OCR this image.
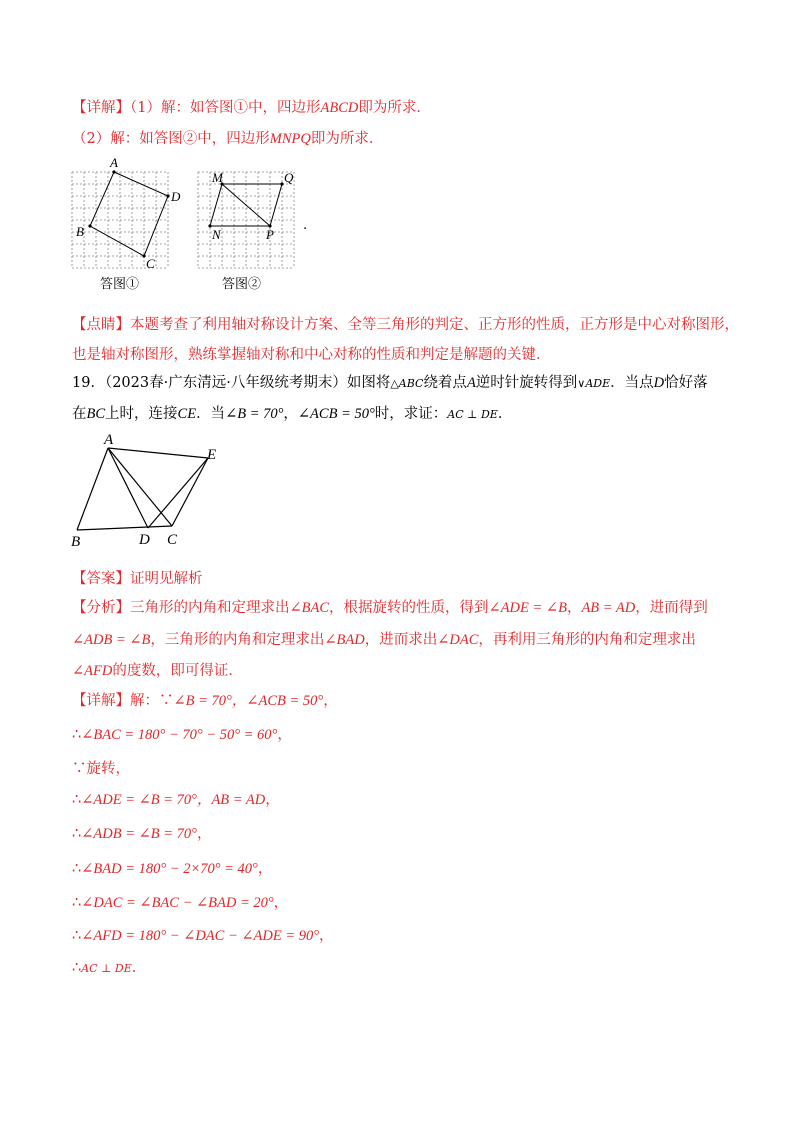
【详解】（1）解：如答图①中，四边形ABCD即为所求．
（2）解：如答图②中，四边形MNPQ即为所求．
A
D
C
B
答图①
M	Q
N	P
答图②
.
【点睛】本题考查了利用轴对称设计方案、全等三角形的判定、正方形的性质，正方形是中心对称图形，
也是轴对称图形，熟练掌握轴对称和中心对称的性质和判定是解题的关键．
19．（2023春·广东清远·八年级统考期末）如图将△ABC绕着点A逆时针旋转得到∨ADE．当点D恰好落
在BC上时，连接CE．当∠B = 70°，∠ACB = 50°时，求证：AC ⊥ DE．
A
E
B	D C
【答案】证明见解析
【分析】三角形的内角和定理求出∠BAC，根据旋转的性质，得到∠ADE = ∠B，AB = AD，进而得到
∠ADB = ∠B，三角形的内角和定理求出∠BAD，进而求出∠DAC，再利用三角形的内角和定理求出
∠AFD的度数，即可得证．
【详解】解：∵∠B = 70°，∠ACB = 50°，
∴∠BAC = 180° − 70° − 50° = 60°，
∵旋转，
∴∠ADE = ∠B = 70°，AB = AD，
∴∠ADB = ∠B = 70°，
∴∠BAD = 180° − 2×70° = 40°，
∴∠DAC = ∠BAC − ∠BAD = 20°，
∴∠AFD = 180° − ∠DAC − ∠ADE = 90°，
∴AC ⊥ DE．
